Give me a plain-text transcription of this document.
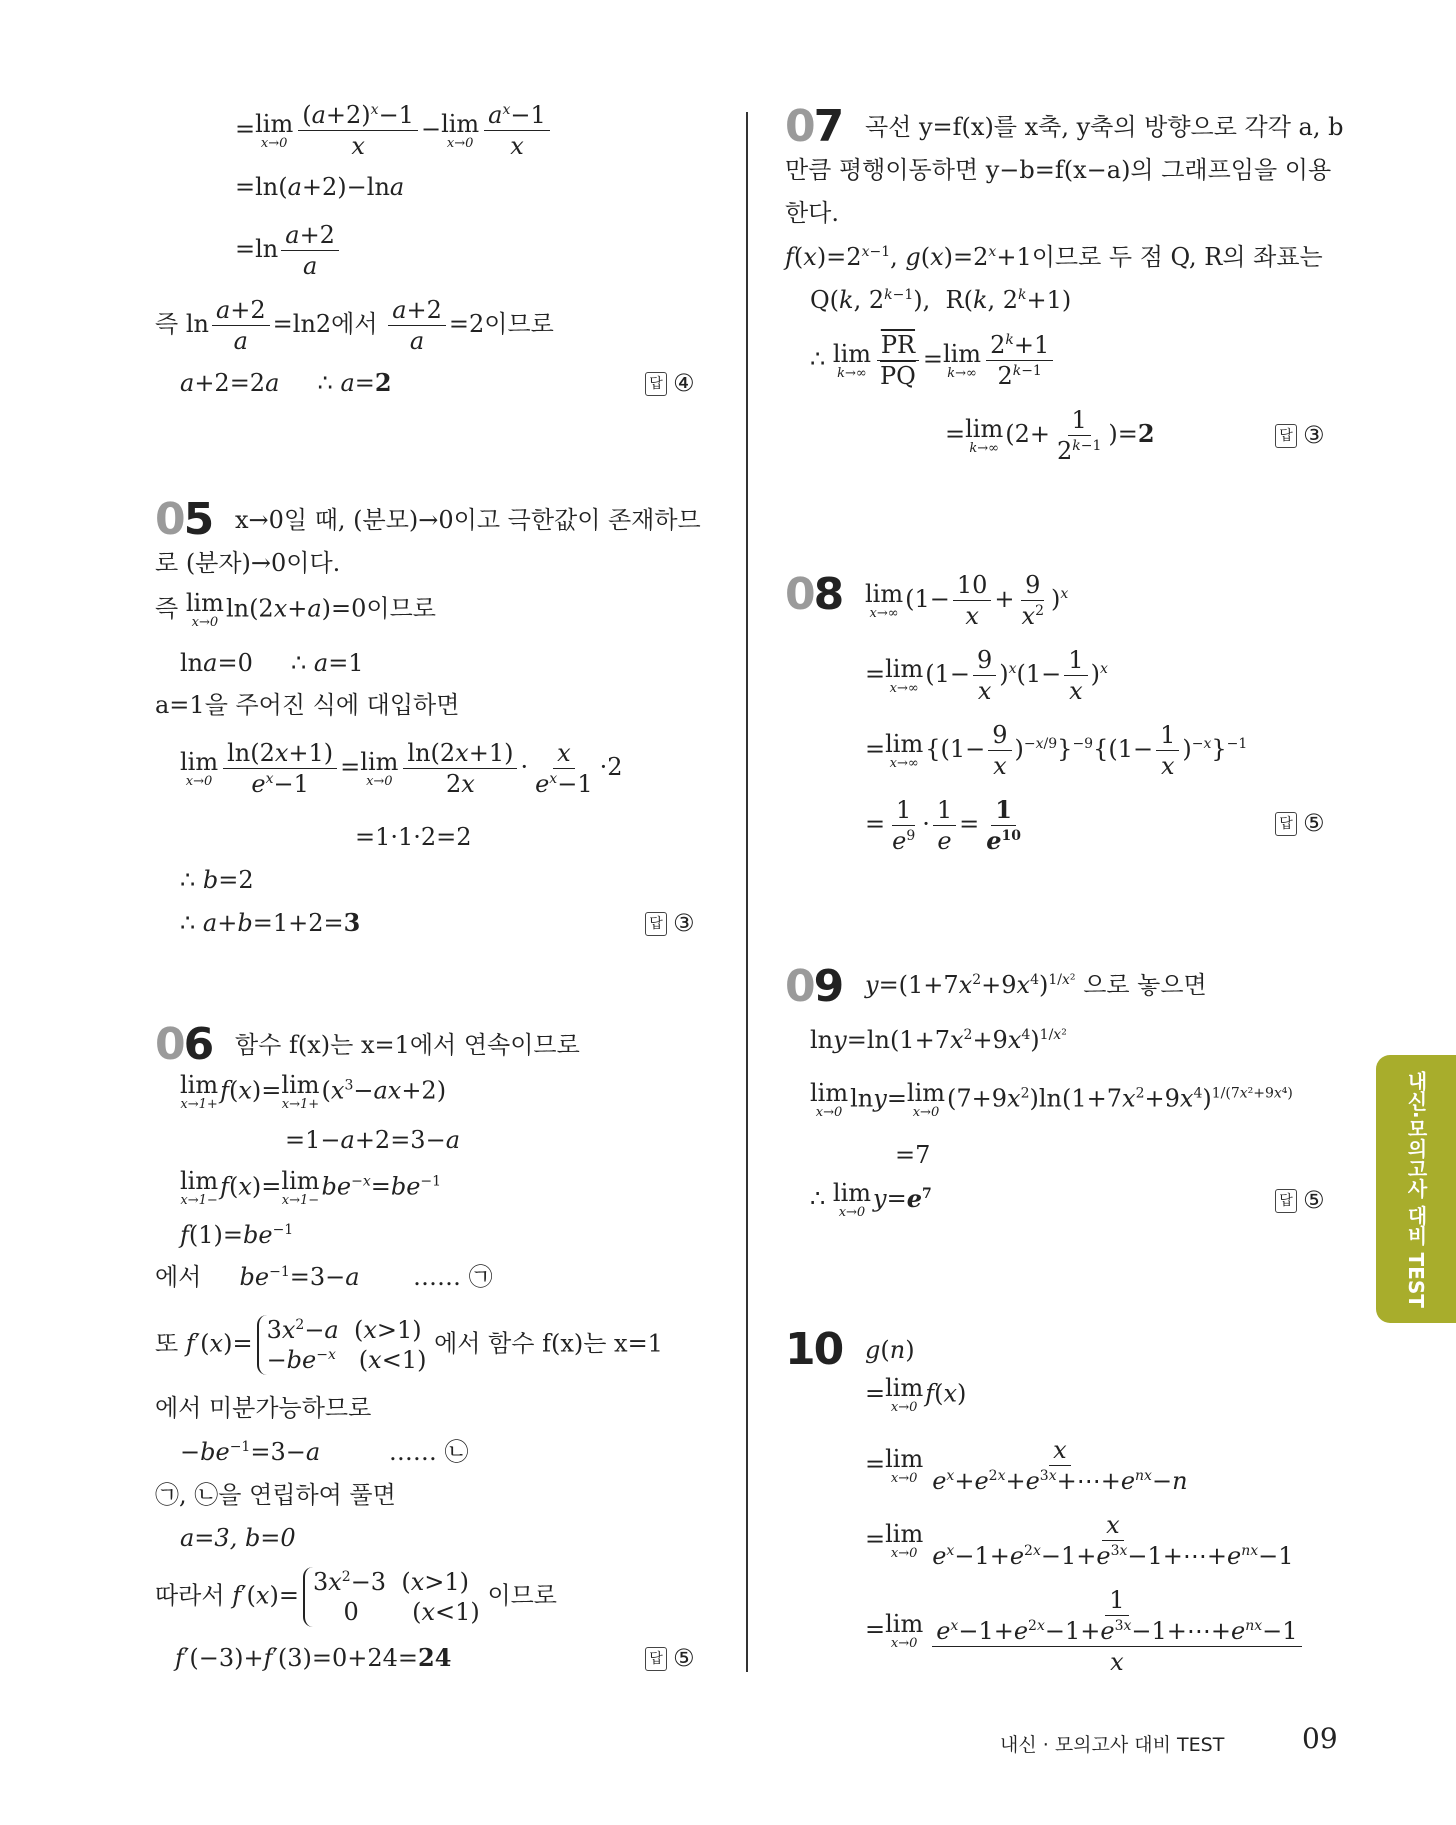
= lim
$x\to 0 \frac{(a+2)^x-1}{x} - \lim$
$x\to 0 \frac{a^x-1}{x}$
=ln(a+2)−lna
$=\ln \frac{a+2}{a}$
즉 $\ln \frac{a+2}{a} =\ln 2$에서 $\frac{a+2}{a} =2$이므로
a+2=2a     ∴ a=2	답 ④
05 x→0일 때, (분모)→0이고 극한값이 존재하므
로 (분자)→0이다.
즉 lim
x→0 ln(2x+a)=0이므로
lna=0     ∴ a=1
a=1을 주어진 식에 대입하면
lim
$x\to 0 \frac{\ln(2x+1)}{e^x-1} = \lim$
$x\to 0 \frac{\ln(2x+1)}{2x} \cdot \frac{x}{e^x-1} \cdot 2$
=1·1·2=2
∴ b=2
∴ a+b=1+2=3	답 ③
06 함수 f(x)는 x=1에서 연속이므로
lim
x→1+ f(x)= lim
$x\to 1+ (x^3-ax+2)$
=1−a+2=3−a
lim
x→1− f(x)= lim
$x\to 1- be^{-x}=be^{-1}$
$f(1)=be^{-1}$
에서 $be^{-1}=3-a$ …… ㉠
또 $f'(x)= 3x^2-a$  (x>1)
$-be^{-x}$   (x<1)
에서 함수 f(x)는 x=1
에서 미분가능하므로
$-be^{-1}=3-a$	…… ㉡
㉠, ㉡을 연립하여 풀면
a=3, b=0
따라서 $f'(x)= 3x^2-3$  (x>1)
0       (x<1)
이므로
f′(−3)+f′(3)=0+24=24	답 ⑤
07 곡선 y=f(x)를 x축, y축의 방향으로 각각 a, b
만큼 평행이동하면 y−b=f(x−a)의 그래프임을 이용
한다.
$f(x)=2^{x-1}$, $g(x)=2^x+1$이므로 두 점 Q, R의 좌표는
Q(k, $2^{k-1}$),  R(k, $2^k+1$)
∴ lim
$k\to\infty \frac{\overline{PR}}{PQ} = \lim$
$k\to\infty \frac{2^k+1}{2^{k-1}}$
= lim
k→∞ $(2+ \frac{1}{2^{k-1}} )=2$	답 ③
08 lim
x→∞ $(1- \frac{10}{x} + \frac{9}{x^2} )^x$
= lim
x→∞ $(1- \frac{9}{x} )^x(1- \frac{1}{x} )^x$
= lim
x→∞ $\{(1- \frac{9}{x} )^{-x/9}\}^{-9}\{(1- \frac{1}{x} )^{-x}\}^{-1}$
= $\frac{1}{e^9} \cdot \frac{1}{e} = \frac{1}{e^{10}}$	답 ⑤
09 $y=(1+7x^2+9x^4)^{1/x^2}$ 으로 놓으면
$\ln y=\ln(1+7x^2+9x^4)^{1/x^2}$
lim
x→0 lny= lim
x→0 $(7+9x^2)\ln(1+7x^2+9x^4)^{1/(7x^2+9x^4)}$
=7
∴ lim
x→0 $y=e^7$	답 ⑤
10 g(n)
= lim
x→0 f(x)
= lim
$x\to 0 \frac{x}{e^x+e^{2x}+e^{3x}+\cdots+e^{nx}-n}$
= lim
$x\to 0 \frac{x}{e^x-1+e^{2x}-1+e^{3x}-1+\cdots+e^{nx}-1}$
= lim
$x\to 0 \frac{1}{\frac{e^x-1+e^{2x}-1+e^{3x}-1+\cdots+e^{nx}-1}{x}}$
내신·모의고사 대비 TEST
내신 · 모의고사 대비 TEST	09
